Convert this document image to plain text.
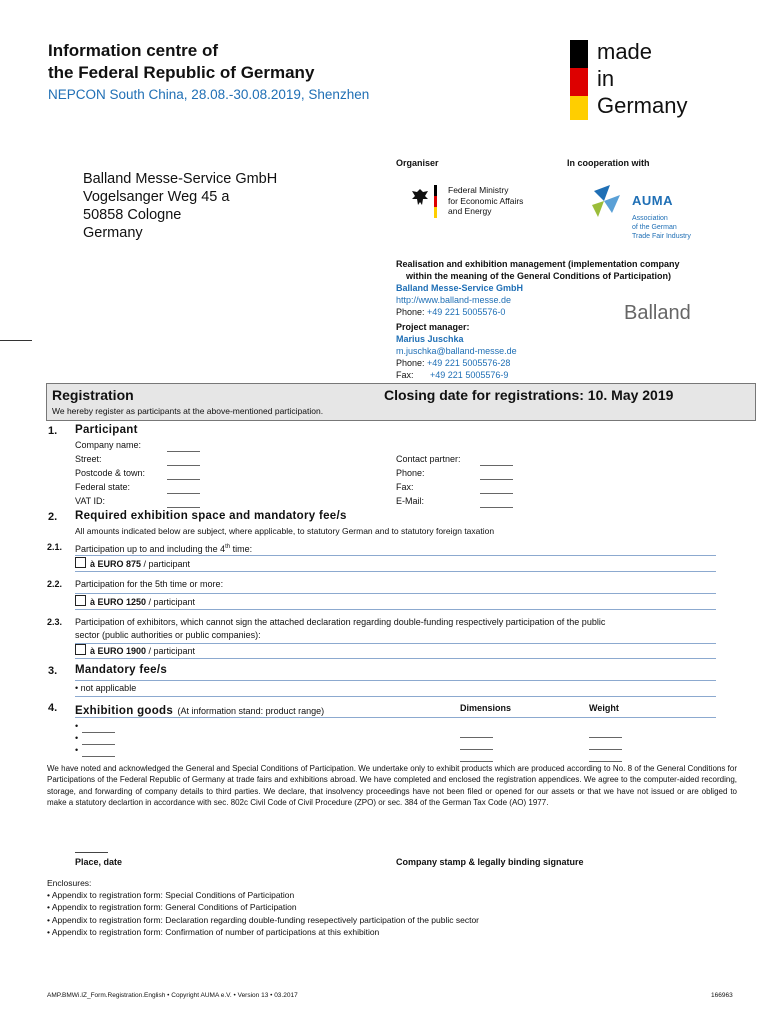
Information centre of
the Federal Republic of Germany
NEPCON South China, 28.08.-30.08.2019, Shenzhen
made
in
Germany
Balland Messe-Service GmbH
Vogelsanger Weg 45 a
50858 Cologne
Germany
Organiser
Federal Ministry
for Economic Affairs
and Energy
In cooperation with
AUMA
Association
of the German
Trade Fair Industry
Realisation and exhibition management (implementation company
within the meaning of the General Conditions of Participation)
Balland Messe-Service GmbH
http://www.balland-messe.de
Phone: +49 221 5005576-0
Project manager:
Marius Juschka
m.juschka@balland-messe.de
Phone: +49 221 5005576-28
Fax: +49 221 5005576-9
Balland
Registration	Closing date for registrations: 10. May 2019
We hereby register as participants at the above-mentioned participation.
1. Participant
Company name:
Street:
Postcode & town:
Federal state:
VAT ID:
Contact partner:
Phone:
Fax:
E-Mail:
2. Required exhibition space and mandatory fee/s
All amounts indicated below are subject, where applicable, to statutory German and to statutory foreign taxation
2.1. Participation up to and including the 4th time:
à EURO 875 / participant
2.2. Participation for the 5th time or more:
à EURO 1250 / participant
2.3. Participation of exhibitors, which cannot sign the attached declaration regarding double-funding respectively participation of the public
sector (public authorities or public companies):
à EURO 1900 / participant
3. Mandatory fee/s
• not applicable
4. Exhibition goods (At information stand: product range)	Dimensions	Weight
•
•
•
We have noted and acknowledged the General and Special Conditions of Participation. We undertake only to exhibit products which are produced according to No. 8 of the General Conditions for Participations of the Federal Republic of Germany at trade fairs and exhibitions abroad. We have completed and enclosed the registration appendices. We agree to the computer-aided recording, storage, and forwarding of company details to third parties. We declare, that insolvency proceedings have not been filed or opened for our assets or that we have not issued or are obliged to make a statutory declartion in accordance with sec. 802c Civil Code of Civil Procedure (ZPO) or sec. 384 of the German Tax Code (AO) 1977.
Place, date	Company stamp & legally binding signature
Enclosures:
• Appendix to registration form: Special Conditions of Participation
• Appendix to registration form: General Conditions of Participation
• Appendix to registration form: Declaration regarding double-funding resepectively participation of the public sector
• Appendix to registration form: Confirmation of number of participations at this exhibition
AMP.BMWi.IZ_Form.Registration.English • Copyright AUMA e.V. • Version 13 • 03.2017	166963
